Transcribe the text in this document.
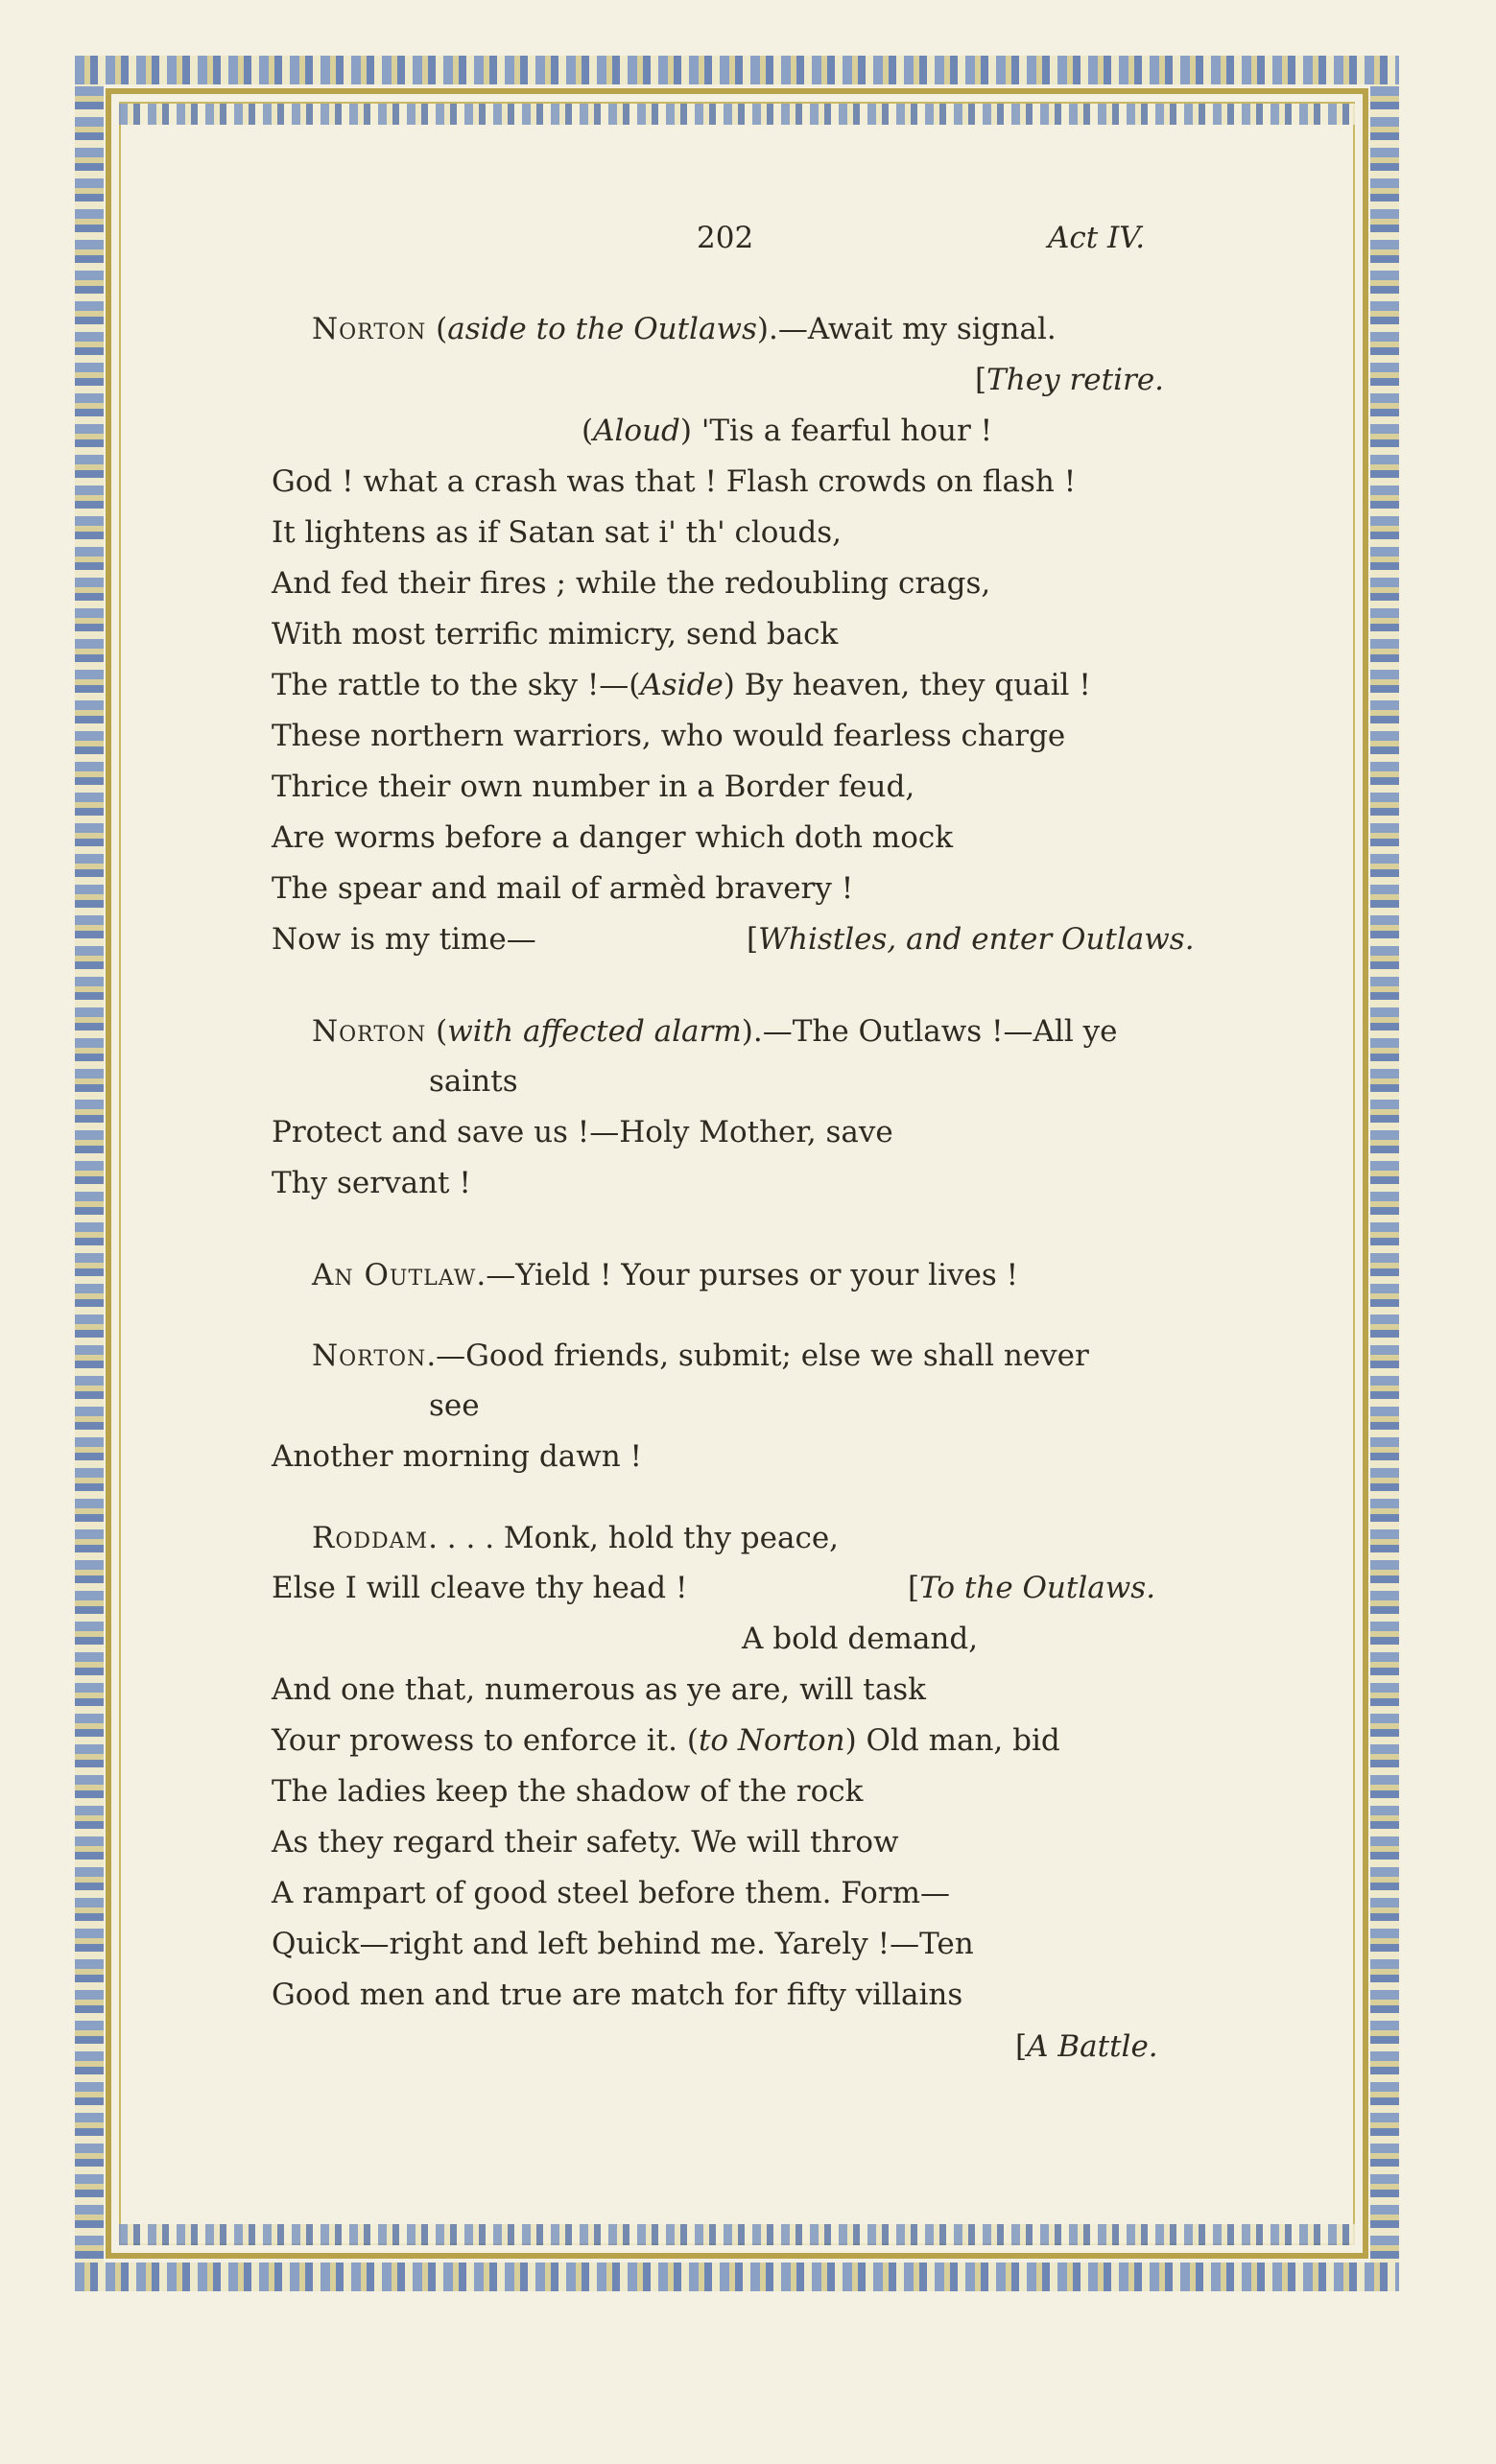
202	Act IV.
Norton (aside to the Outlaws).—Await my signal.
[They retire.
(Aloud) 'Tis a fearful hour !
God ! what a crash was that ! Flash crowds on flash !
It lightens as if Satan sat i' th' clouds,
And fed their fires ; while the redoubling crags,
With most terrific mimicry, send back
The rattle to the sky !—(Aside) By heaven, they quail !
These northern warriors, who would fearless charge
Thrice their own number in a Border feud,
Are worms before a danger which doth mock
The spear and mail of armèd bravery !
Now is my time—	[Whistles, and enter Outlaws.
Norton (with affected alarm).—The Outlaws !—All ye
saints
Protect and save us !—Holy Mother, save
Thy servant !
An Outlaw.—Yield ! Your purses or your lives !
Norton.—Good friends, submit; else we shall never
see
Another morning dawn !
Roddam. . . . Monk, hold thy peace,
Else I will cleave thy head !	[To the Outlaws.
A bold demand,
And one that, numerous as ye are, will task
Your prowess to enforce it. (to Norton) Old man, bid
The ladies keep the shadow of the rock
As they regard their safety. We will throw
A rampart of good steel before them. Form—
Quick—right and left behind me. Yarely !—Ten
Good men and true are match for fifty villains
[A Battle.
